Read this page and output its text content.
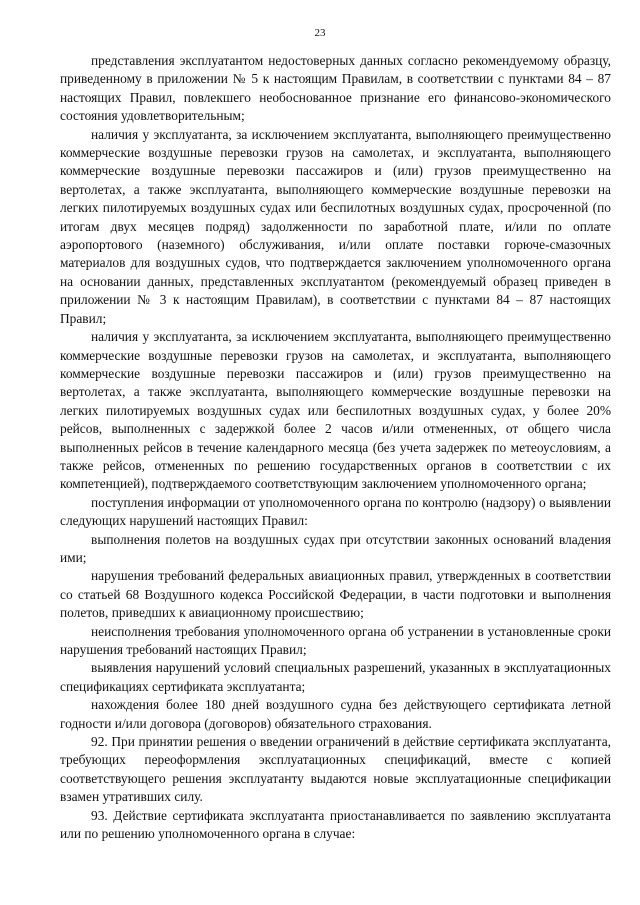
23

представления эксплуатантом недостоверных данных согласно рекомендуемому образцу, приведенному в приложении № 5 к настоящим Правилам, в соответствии с пунктами 84 – 87 настоящих Правил, повлекшего необоснованное признание его финансово-экономического состояния удовлетворительным;

наличия у эксплуатанта, за исключением эксплуатанта, выполняющего преимущественно коммерческие воздушные перевозки грузов на самолетах, и эксплуатанта, выполняющего коммерческие воздушные перевозки пассажиров и (или) грузов преимущественно на вертолетах, а также эксплуатанта, выполняющего коммерческие воздушные перевозки на легких пилотируемых воздушных судах или беспилотных воздушных судах, просроченной (по итогам двух месяцев подряд) задолженности по заработной плате, и/или по оплате аэропортового (наземного) обслуживания, и/или оплате поставки горюче-смазочных материалов для воздушных судов, что подтверждается заключением уполномоченного органа на основании данных, представленных эксплуатантом (рекомендуемый образец приведен в приложении № 3 к настоящим Правилам), в соответствии с пунктами 84 – 87 настоящих Правил;

наличия у эксплуатанта, за исключением эксплуатанта, выполняющего преимущественно коммерческие воздушные перевозки грузов на самолетах, и эксплуатанта, выполняющего коммерческие воздушные перевозки пассажиров и (или) грузов преимущественно на вертолетах, а также эксплуатанта, выполняющего коммерческие воздушные перевозки на легких пилотируемых воздушных судах или беспилотных воздушных судах, у более 20% рейсов, выполненных с задержкой более 2 часов и/или отмененных, от общего числа выполненных рейсов в течение календарного месяца (без учета задержек по метеоусловиям, а также рейсов, отмененных по решению государственных органов в соответствии с их компетенцией), подтверждаемого соответствующим заключением уполномоченного органа;

поступления информации от уполномоченного органа по контролю (надзору) о выявлении следующих нарушений настоящих Правил:

выполнения полетов на воздушных судах при отсутствии законных оснований владения ими;

нарушения требований федеральных авиационных правил, утвержденных в соответствии со статьей 68 Воздушного кодекса Российской Федерации, в части подготовки и выполнения полетов, приведших к авиационному происшествию;

неисполнения требования уполномоченного органа об устранении в установленные сроки нарушения требований настоящих Правил;

выявления нарушений условий специальных разрешений, указанных в эксплуатационных спецификациях сертификата эксплуатанта;

нахождения более 180 дней воздушного судна без действующего сертификата летной годности и/или договора (договоров) обязательного страхования.

92. При принятии решения о введении ограничений в действие сертификата эксплуатанта, требующих переоформления эксплуатационных спецификаций, вместе с копией соответствующего решения эксплуатанту выдаются новые эксплуатационные спецификации взамен утративших силу.

93. Действие сертификата эксплуатанта приостанавливается по заявлению эксплуатанта или по решению уполномоченного органа в случае:
